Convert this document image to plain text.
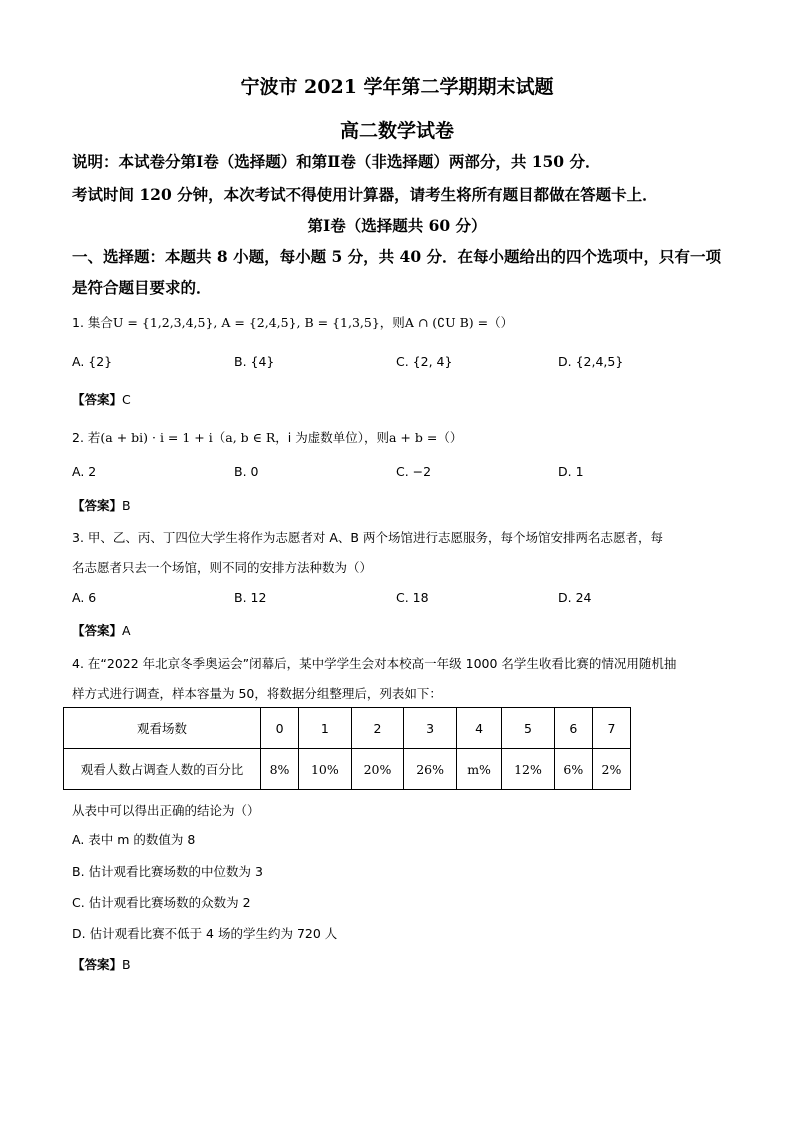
宁波市 2021 学年第二学期期末试题
高二数学试卷
说明：本试卷分第Ⅰ卷（选择题）和第Ⅱ卷（非选择题）两部分，共 150 分．
考试时间 120 分钟，本次考试不得使用计算器，请考生将所有题目都做在答题卡上．
第Ⅰ卷（选择题共 60 分）
一、选择题：本题共 8 小题，每小题 5 分，共 40 分．在每小题给出的四个选项中，只有一项
是符合题目要求的．
1. 集合U = {1,2,3,4,5}, A = {2,4,5}, B = {1,3,5}，则A ∩ (∁U B) =（）
A. {2}	B. {4}	C. {2, 4}	D. {2,4,5}
【答案】C
2. 若(a + bi) · i = 1 + i（a, b ∈ R，i 为虚数单位），则a + b =（）
A. 2	B. 0	C. −2	D. 1
【答案】B
3. 甲、乙、丙、丁四位大学生将作为志愿者对 A、B 两个场馆进行志愿服务，每个场馆安排两名志愿者，每
名志愿者只去一个场馆，则不同的安排方法种数为（）
A. 6	B. 12	C. 18	D. 24
【答案】A
4. 在“2022 年北京冬季奥运会”闭幕后，某中学学生会对本校高一年级 1000 名学生收看比赛的情况用随机抽
样方式进行调查，样本容量为 50，将数据分组整理后，列表如下：
观看场数	0	1	2	3	4	5	6	7
观看人数占调查人数的百分比	8%	10%	20%	26%	m%	12%	6%	2%
从表中可以得出正确的结论为（）
A. 表中 m 的数值为 8
B. 估计观看比赛场数的中位数为 3
C. 估计观看比赛场数的众数为 2
D. 估计观看比赛不低于 4 场的学生约为 720 人
【答案】B
